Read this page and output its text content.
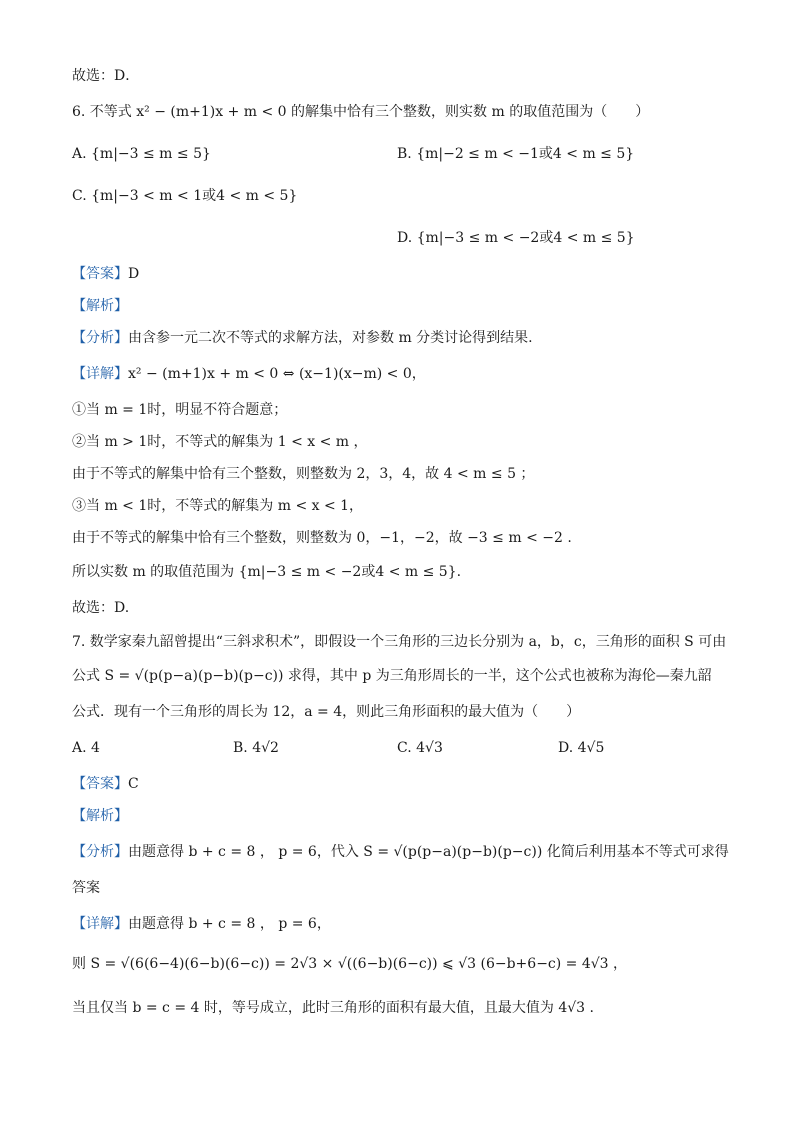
故选：D．
6. 不等式 x² − (m+1)x + m < 0 的解集中恰有三个整数，则实数 m 的取值范围为（　　）
A. {m|−3 ≤ m ≤ 5}	B. {m|−2 ≤ m < −1或4 < m ≤ 5}
C. {m|−3 < m < 1或4 < m < 5}
D. {m|−3 ≤ m < −2或4 < m ≤ 5}
【答案】D
【解析】
【分析】由含参一元二次不等式的求解方法，对参数 m 分类讨论得到结果.
【详解】x² − (m+1)x + m < 0 ⇔ (x−1)(x−m) < 0，
①当 m = 1时，明显不符合题意；
②当 m > 1时，不等式的解集为 1 < x < m ，
由于不等式的解集中恰有三个整数，则整数为 2，3，4，故 4 < m ≤ 5 ；
③当 m < 1时，不等式的解集为 m < x < 1，
由于不等式的解集中恰有三个整数，则整数为 0，−1，−2，故 −3 ≤ m < −2 .
所以实数 m 的取值范围为 {m|−3 ≤ m < −2或4 < m ≤ 5}.
故选：D.
7. 数学家秦九韶曾提出“三斜求积术”，即假设一个三角形的三边长分别为 a，b，c，三角形的面积 S 可由
公式 S = √(p(p−a)(p−b)(p−c)) 求得，其中 p 为三角形周长的一半，这个公式也被称为海伦—秦九韶
公式．现有一个三角形的周长为 12，a = 4，则此三角形面积的最大值为（　　）
A. 4	B. 4√2	C. 4√3	D. 4√5
【答案】C
【解析】
【分析】由题意得 b + c = 8 ， p = 6，代入 S = √(p(p−a)(p−b)(p−c)) 化简后利用基本不等式可求得
答案
【详解】由题意得 b + c = 8 ， p = 6，
则 S = √(6(6−4)(6−b)(6−c)) = 2√3 × √((6−b)(6−c)) ⩽ √3 (6−b+6−c) = 4√3 ，
当且仅当 b = c = 4 时，等号成立，此时三角形的面积有最大值，且最大值为 4√3 .
